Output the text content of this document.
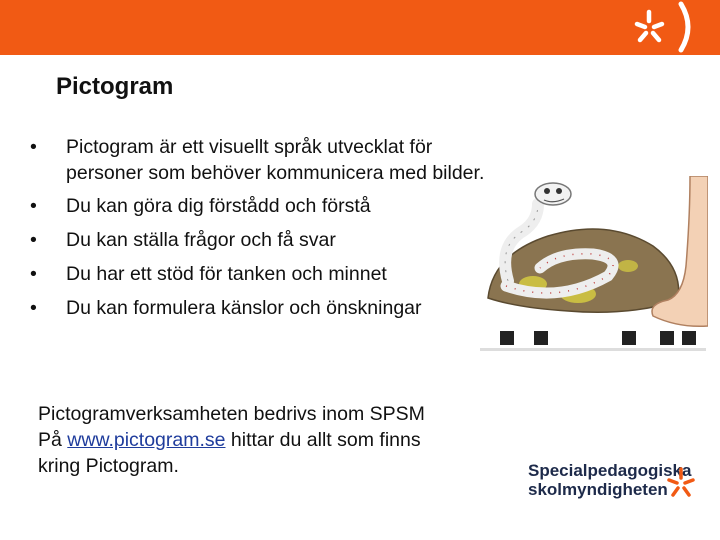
Pictogram
•	Pictogram är ett visuellt språk utvecklat för personer som behöver kommunicera med bilder.
•	Du kan göra dig förstådd och förstå
•	Du kan ställa frågor och få svar
•	Du har ett stöd för tanken och minnet
•	Du kan formulera känslor och önskningar

Pictogramverksamheten bedrivs inom SPSM

På www.pictogram.se hittar du allt som finns

kring Pictogram.	Specialpedagogiska
skolmyndigheten
